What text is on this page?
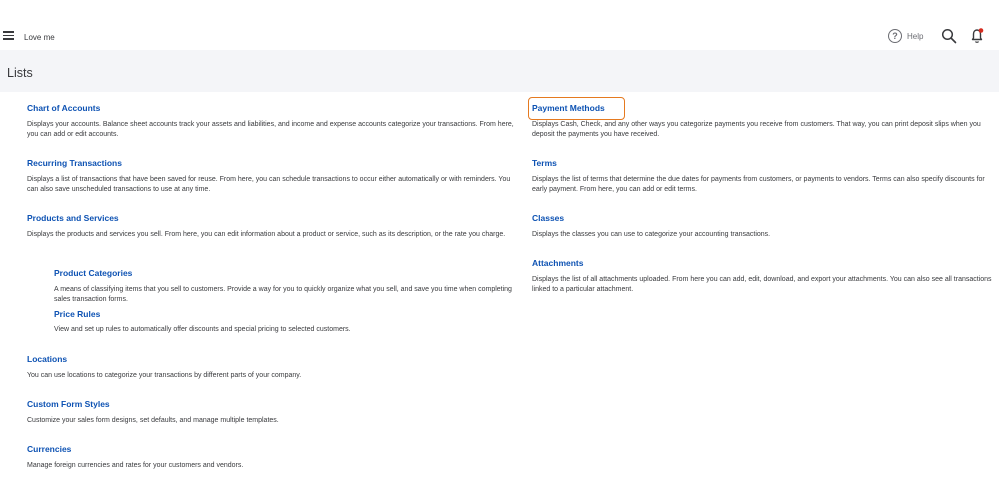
Love me	?	Help
Lists
Chart of Accounts
Displays your accounts. Balance sheet accounts track your assets and liabilities, and income and expense accounts categorize your transactions. From here, you can add or edit accounts.
Recurring Transactions
Displays a list of transactions that have been saved for reuse. From here, you can schedule transactions to occur either automatically or with reminders. You can also save unscheduled transactions to use at any time.
Products and Services
Displays the products and services you sell. From here, you can edit information about a product or service, such as its description, or the rate you charge.
Product Categories
A means of classifying items that you sell to customers. Provide a way for you to quickly organize what you sell, and save you time when completing sales transaction forms.
Price Rules
View and set up rules to automatically offer discounts and special pricing to selected customers.
Locations
You can use locations to categorize your transactions by different parts of your company.
Custom Form Styles
Customize your sales form designs, set defaults, and manage multiple templates.
Currencies
Manage foreign currencies and rates for your customers and vendors.
Payment Methods
Displays Cash, Check, and any other ways you categorize payments you receive from customers. That way, you can print deposit slips when you deposit the payments you have received.
Terms
Displays the list of terms that determine the due dates for payments from customers, or payments to vendors. Terms can also specify discounts for early payment. From here, you can add or edit terms.
Classes
Displays the classes you can use to categorize your accounting transactions.
Attachments
Displays the list of all attachments uploaded. From here you can add, edit, download, and export your attachments. You can also see all transactions linked to a particular attachment.
